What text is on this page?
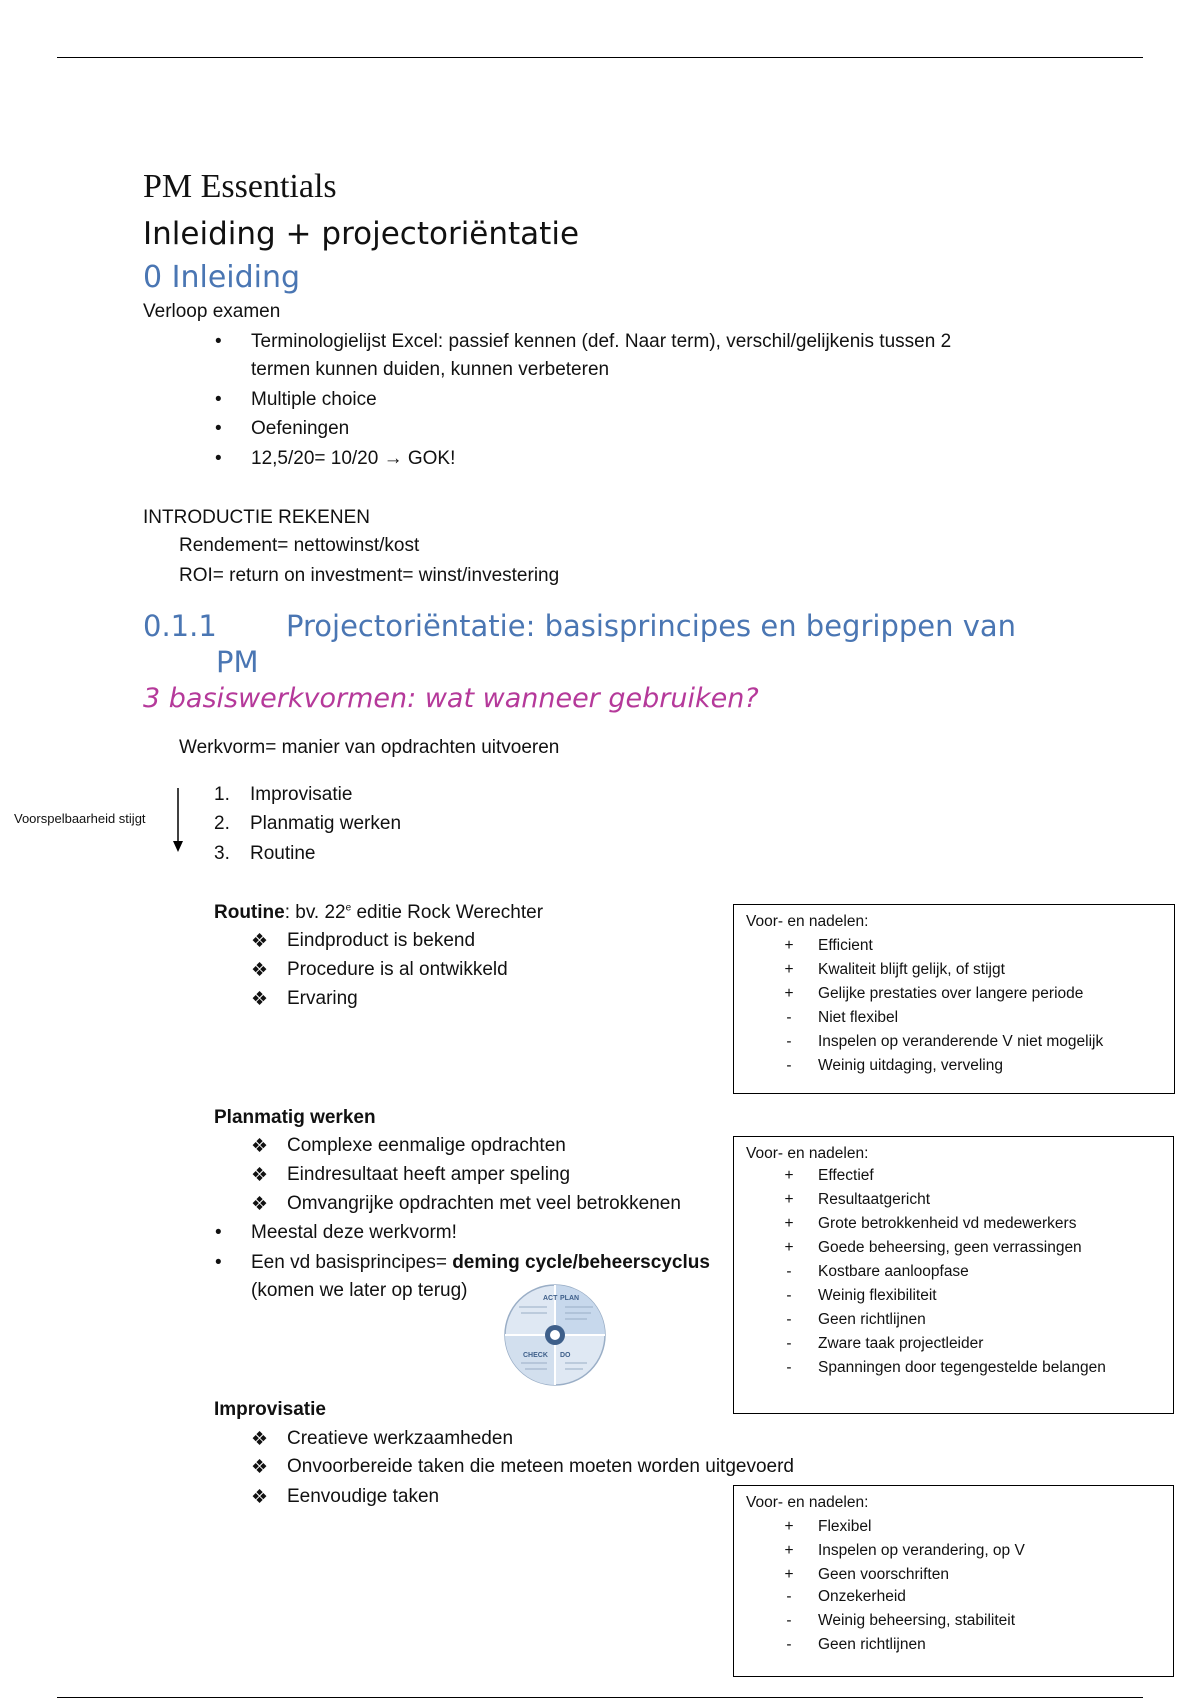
PM Essentials
Inleiding + projectoriëntatie
0 Inleiding
Verloop examen
• Terminologielijst Excel: passief kennen (def. Naar term), verschil/gelijkenis tussen 2
termen kunnen duiden, kunnen verbeteren
• Multiple choice
• Oefeningen
• 12,5/20= 10/20 → GOK!
INTRODUCTIE REKENEN
Rendement= nettowinst/kost
ROI= return on investment= winst/investering
0.1.1 Projectoriëntatie: basisprincipes en begrippen van
PM
3 basiswerkvormen: wat wanneer gebruiken?
Werkvorm= manier van opdrachten uitvoeren
Voorspelbaarheid stijgt
1. Improvisatie
2. Planmatig werken
3. Routine
Routine: bv. 22e editie Rock Werechter
❖ Eindproduct is bekend
❖ Procedure is al ontwikkeld
❖ Ervaring
Voor- en nadelen:
+ Efficient
+ Kwaliteit blijft gelijk, of stijgt
+ Gelijke prestaties over langere periode
- Niet flexibel
- Inspelen op veranderende V niet mogelijk
- Weinig uitdaging, verveling
Planmatig werken
❖ Complexe eenmalige opdrachten
❖ Eindresultaat heeft amper speling
❖ Omvangrijke opdrachten met veel betrokkenen
• Meestal deze werkvorm!
• Een vd basisprincipes= deming cycle/beheerscyclus
(komen we later op terug)	ACT PLAN
CHECK DO
Voor- en nadelen:
+ Effectief
+ Resultaatgericht
+ Grote betrokkenheid vd medewerkers
+ Goede beheersing, geen verrassingen
- Kostbare aanloopfase
- Weinig flexibiliteit
- Geen richtlijnen
- Zware taak projectleider
- Spanningen door tegengestelde belangen
Improvisatie
❖ Creatieve werkzaamheden
❖ Onvoorbereide taken die meteen moeten worden uitgevoerd
❖ Eenvoudige taken	Voor- en nadelen:
+ Flexibel
+ Inspelen op verandering, op V
+ Geen voorschriften
- Onzekerheid
- Weinig beheersing, stabiliteit
- Geen richtlijnen
